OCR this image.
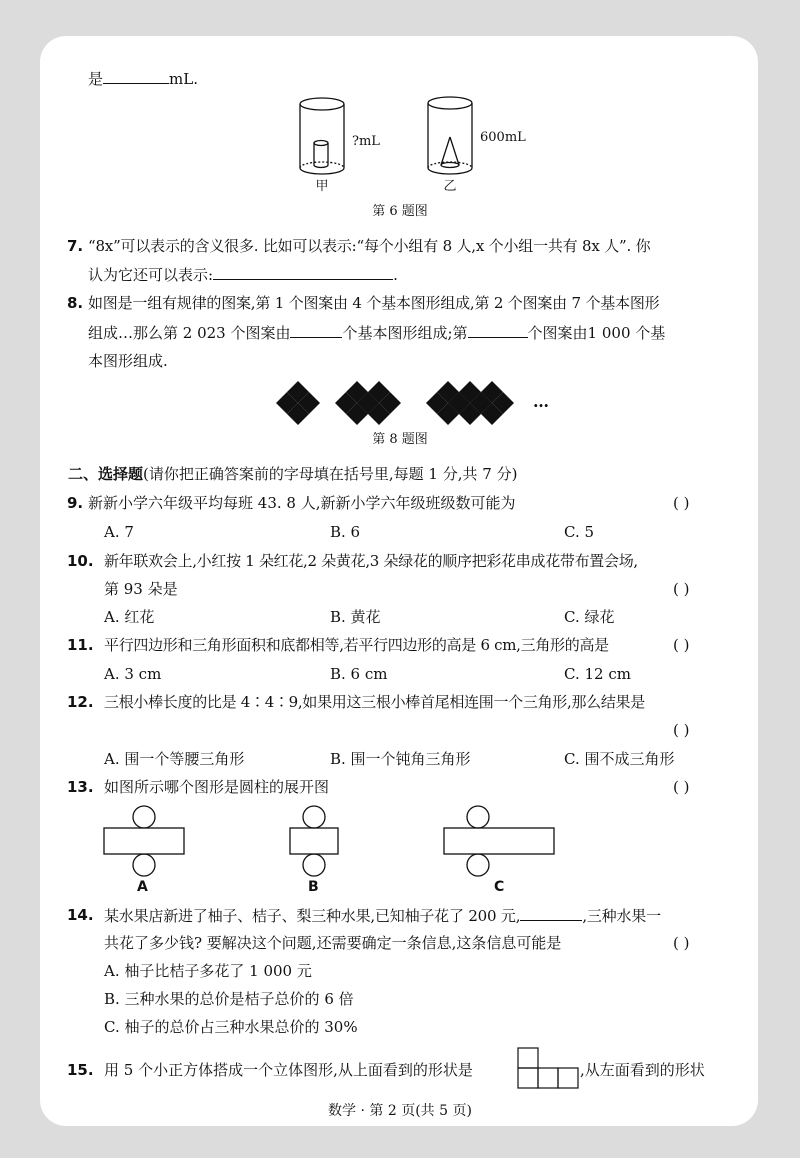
是	mL.
?mL	600mL
甲	乙
第 6 题图
7. “8x”可以表示的含义很多. 比如可以表示:“每个小组有 8 人,x 个小组一共有 8x 人”. 你
认为它还可以表示:	.
8. 如图是一组有规律的图案,第 1 个图案由 4 个基本图形组成,第 2 个图案由 7 个基本图形
组成…那么第 2 023 个图案由	个基本图形组成;第	个图案由1 000 个基
本图形组成.
…
第 8 题图
二、选择题(请你把正确答案前的字母填在括号里,每题 1 分,共 7 分)
9. 新新小学六年级平均每班 43. 8 人,新新小学六年级班级数可能为	( )
A. 7	B. 6	C. 5
10. 新年联欢会上,小红按 1 朵红花,2 朵黄花,3 朵绿花的顺序把彩花串成花带布置会场,
第 93 朵是	( )
A. 红花	B. 黄花	C. 绿花
11. 平行四边形和三角形面积和底都相等,若平行四边形的高是 6 cm,三角形的高是	( )
A. 3 cm	B. 6 cm	C. 12 cm
12. 三根小棒长度的比是 4∶4∶9,如果用这三根小棒首尾相连围一个三角形,那么结果是
( )
A. 围一个等腰三角形	B. 围一个钝角三角形	C. 围不成三角形
13. 如图所示哪个图形是圆柱的展开图	( )
A	B	C
14. 某水果店新进了柚子、桔子、梨三种水果,已知柚子花了 200 元,	,三种水果一
共花了多少钱? 要解决这个问题,还需要确定一条信息,这条信息可能是	( )
A. 柚子比桔子多花了 1 000 元
B. 三种水果的总价是桔子总价的 6 倍
C. 柚子的总价占三种水果总价的 30%
15. 用 5 个小正方体搭成一个立体图形,从上面看到的形状是	,从左面看到的形状
数学 · 第 2 页(共 5 页)
